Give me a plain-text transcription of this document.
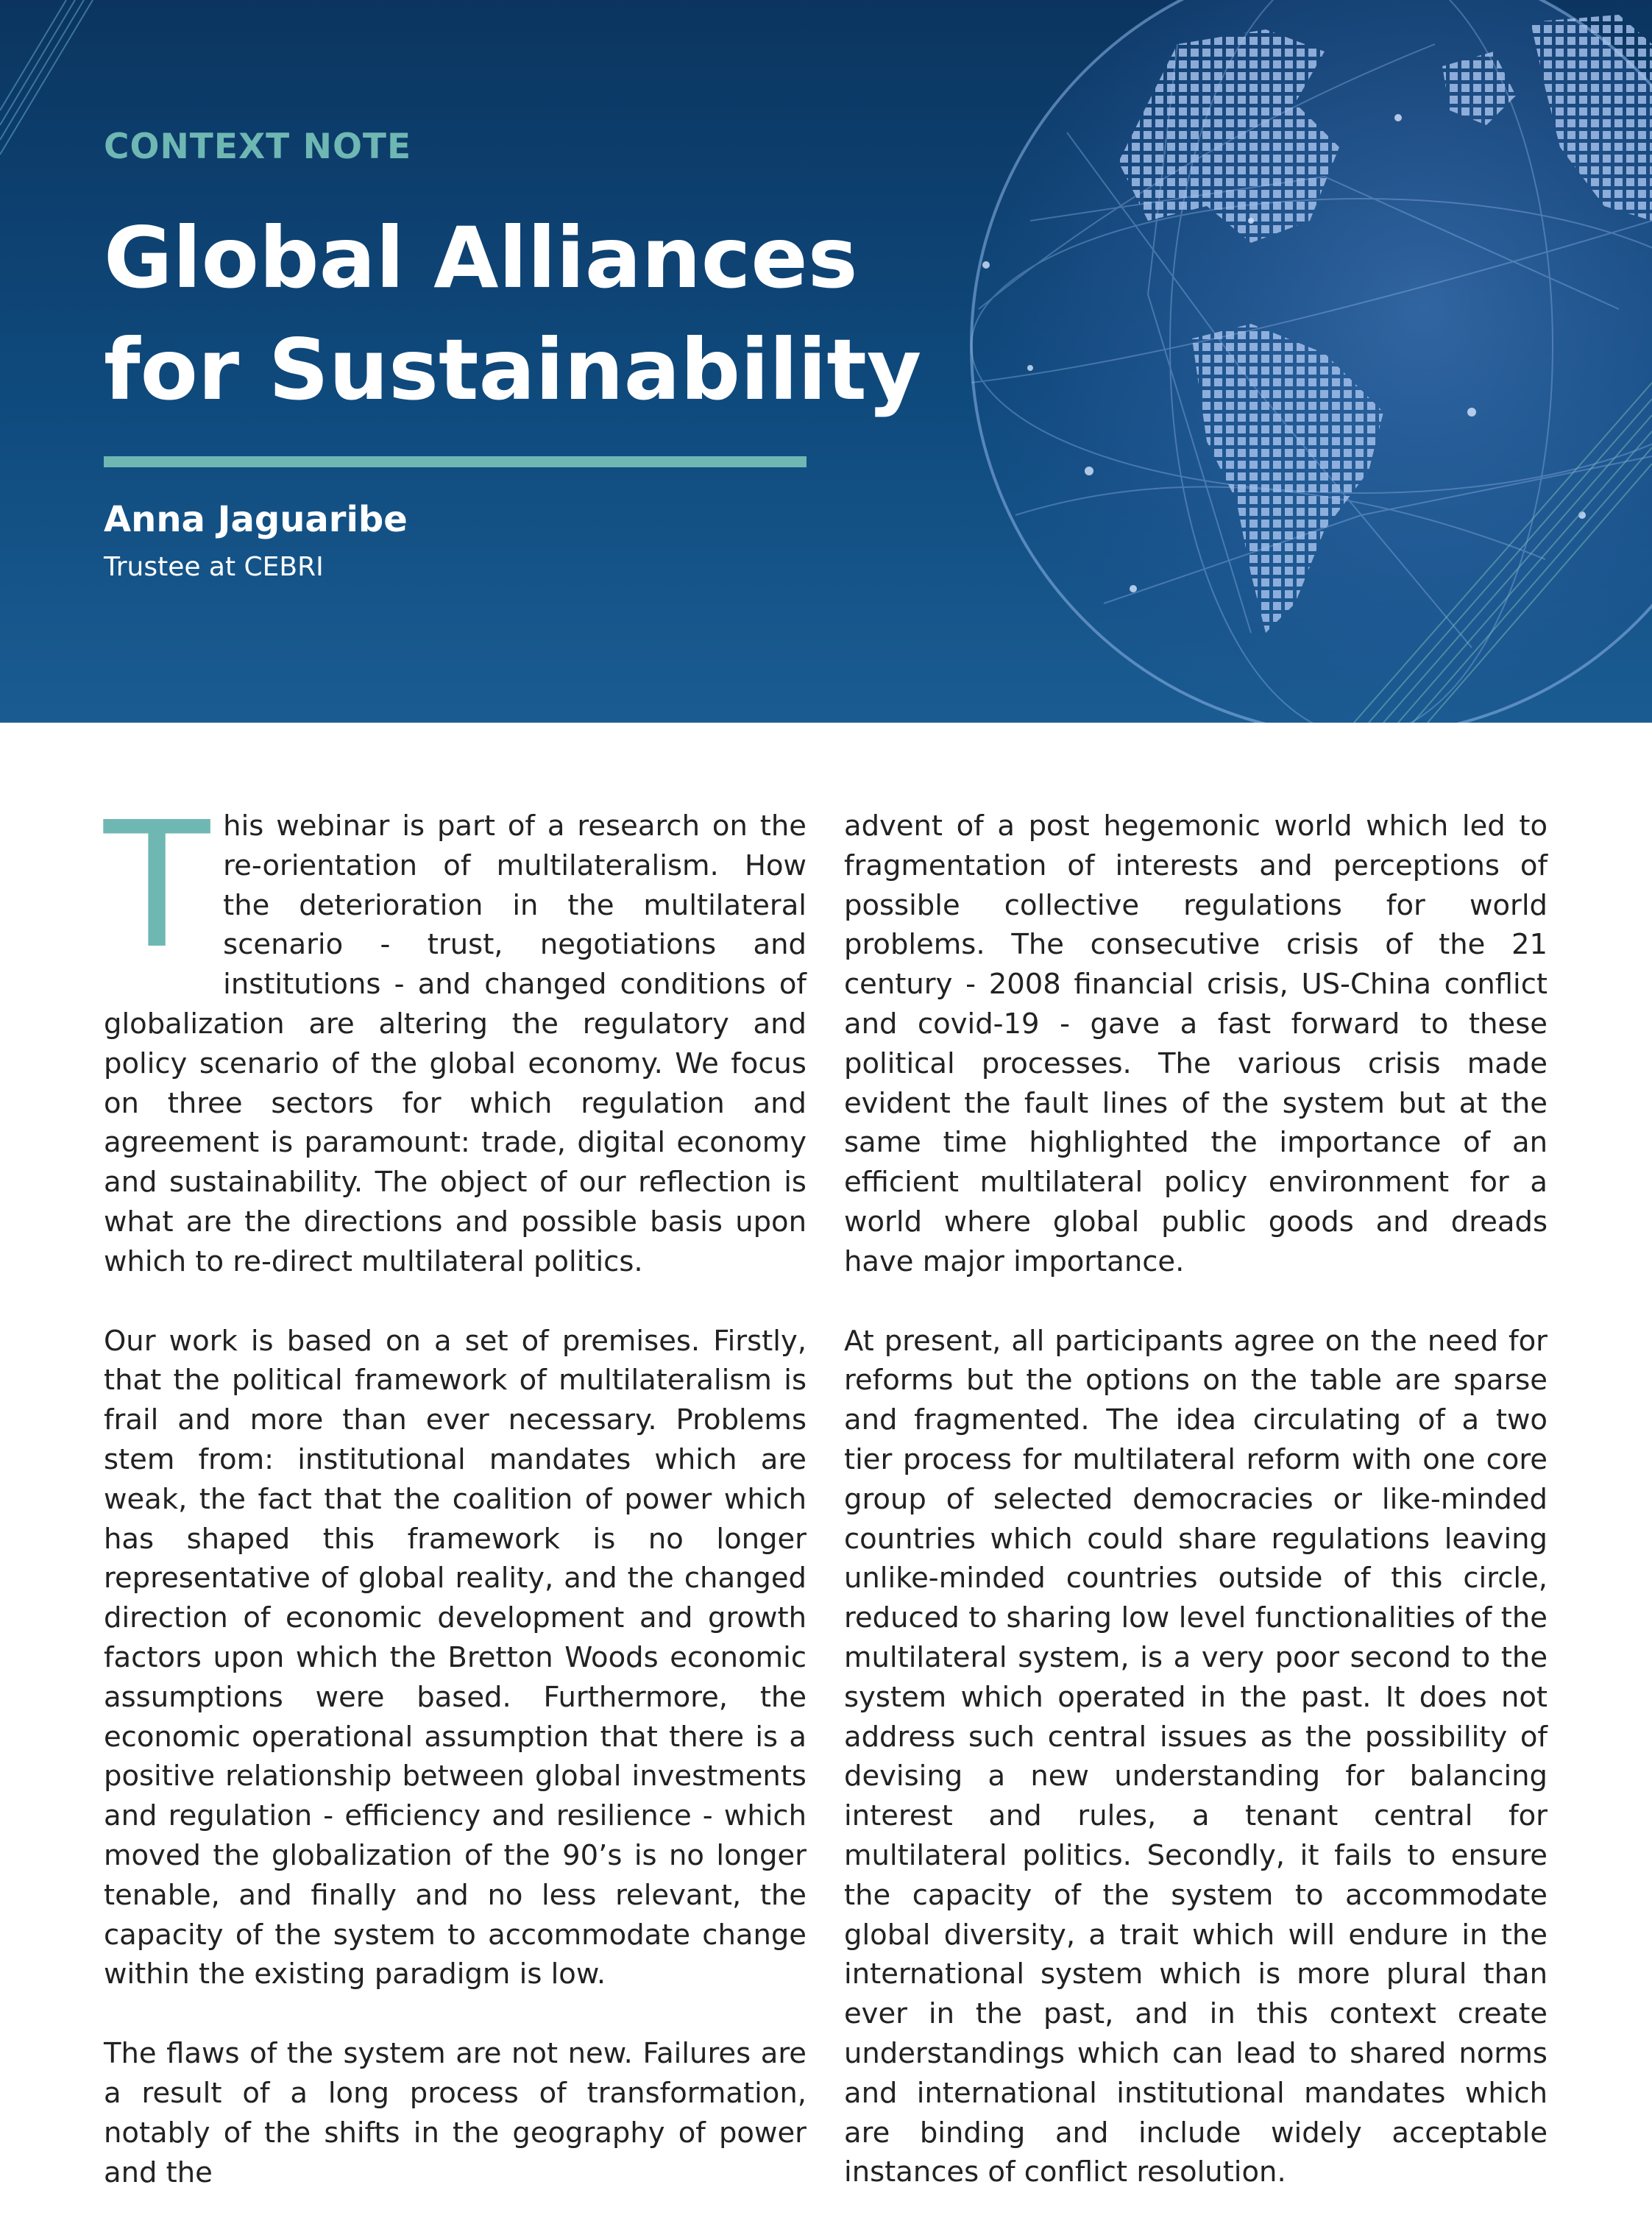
CONTEXT NOTE
Global Alliances for Sustainability
Anna Jaguaribe
Trustee at CEBRI

This webinar is part of a research on the re-orientation of multilateralism. How the deterioration in the multilateral scenario - trust, negotiations and institutions - and changed conditions of globalization are altering the regulatory and policy scenario of the global economy. We focus on three sectors for which regulation and agreement is paramount: trade, digital economy and sustainability. The object of our reflection is what are the directions and possible basis upon which to re-direct multilateral politics.

Our work is based on a set of premises. Firstly, that the political framework of multilateralism is frail and more than ever necessary. Problems stem from: institutional mandates which are weak, the fact that the coalition of power which has shaped this framework is no longer representative of global reality, and the changed direction of economic development and growth factors upon which the Bretton Woods economic assumptions were based. Furthermore, the economic operational assumption that there is a positive relationship between global investments and regulation - efficiency and resilience - which moved the globalization of the 90’s is no longer tenable, and finally and no less relevant, the capacity of the system to accommodate change within the existing paradigm is low.

The flaws of the system are not new. Failures are a result of a long process of transformation, notably of the shifts in the geography of power and the

advent of a post hegemonic world which led to fragmentation of interests and perceptions of possible collective regulations for world problems. The consecutive crisis of the 21 century - 2008 financial crisis, US-China conflict and covid-19 - gave a fast forward to these political processes. The various crisis made evident the fault lines of the system but at the same time highlighted the importance of an efficient multilateral policy environment for a world where global public goods and dreads have major importance.

At present, all participants agree on the need for reforms but the options on the table are sparse and fragmented. The idea circulating of a two tier process for multilateral reform with one core group of selected democracies or like-minded countries which could share regulations leaving unlike-minded countries outside of this circle, reduced to sharing low level functionalities of the multilateral system, is a very poor second to the system which operated in the past. It does not address such central issues as the possibility of devising a new understanding for balancing interest and rules, a tenant central for multilateral politics. Secondly, it fails to ensure the capacity of the system to accommodate global diversity, a trait which will endure in the international system which is more plural than ever in the past, and in this context create understandings which can lead to shared norms and international institutional mandates which are binding and include widely acceptable instances of conflict resolution.
